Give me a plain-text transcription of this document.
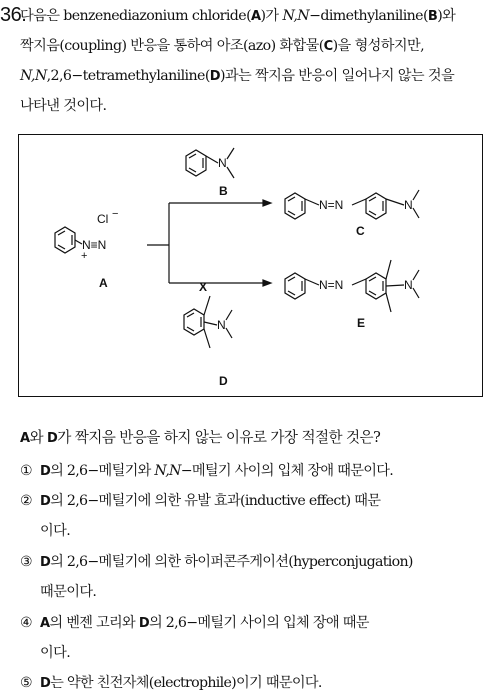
36.
다음은 benzenediazonium chloride(A)가 N,N−dimethylaniline(B)와
짝지음(coupling) 반응을 통하여 아조(azo) 화합물(C)을 형성하지만,
N,N,2,6−tetramethylaniline(D)과는 짝지음 반응이 일어나지 않는 것을
나타낸 것이다.
N≡N
+
Cl −
A
N
B
N=N	N
C
N=N	N
E
X
N
D
A와 D가 짝지음 반응을 하지 않는 이유로 가장 적절한 것은?
① D의 2,6−메틸기와 N,N−메틸기 사이의 입체 장애 때문이다.
② D의 2,6−메틸기에 의한 유발 효과(inductive effect) 때문
이다.
③ D의 2,6−메틸기에 의한 하이퍼콘주게이션(hyperconjugation)
때문이다.
④ A의 벤젠 고리와 D의 2,6−메틸기 사이의 입체 장애 때문
이다.
⑤ D는 약한 친전자체(electrophile)이기 때문이다.
